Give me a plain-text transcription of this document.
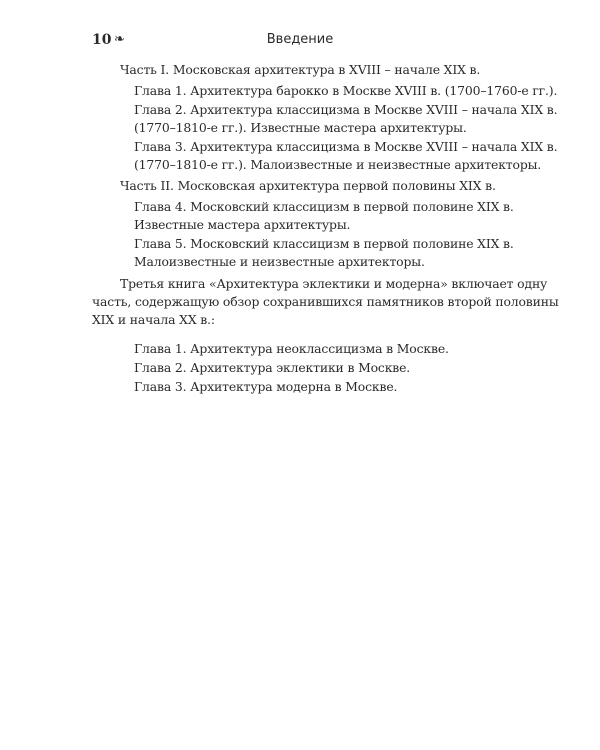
10 ❧	Введение
Часть I. Московская архитектура в XVIII – начале XIX в.
Глава 1. Архитектура барокко в Москве XVIII в. (1700–1760-е гг.).
Глава 2. Архитектура классицизма в Москве XVIII – начала XIX в.
(1770–1810-е гг.). Известные мастера архитектуры.
Глава 3. Архитектура классицизма в Москве XVIII – начала XIX в.
(1770–1810-е гг.). Малоизвестные и неизвестные архитекторы.
Часть II. Московская архитектура первой половины XIX в.
Глава 4. Московский классицизм в первой половине XIX в.
Известные мастера архитектуры.
Глава 5. Московский классицизм в первой половине XIX в.
Малоизвестные и неизвестные архитекторы.
Третья книга «Архитектура эклектики и модерна» включает одну
часть, содержащую обзор сохранившихся памятников второй половины
XIX и начала XX в.:
Глава 1. Архитектура неоклассицизма в Москве.
Глава 2. Архитектура эклектики в Москве.
Глава 3. Архитектура модерна в Москве.
